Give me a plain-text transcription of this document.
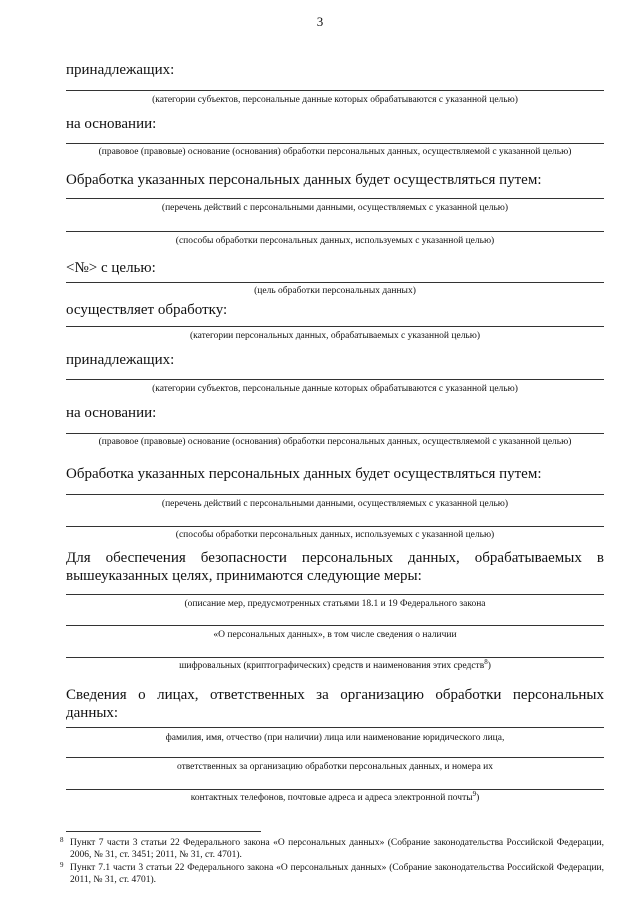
3
принадлежащих:
(категории субъектов, персональные данные которых обрабатываются с указанной целью)
на основании:
(правовое (правовые) основание (основания) обработки персональных данных, осуществляемой с указанной целью)
Обработка указанных персональных данных будет осуществляться путем:
(перечень действий с персональными данными, осуществляемых с указанной целью)
(способы обработки персональных данных, используемых с указанной целью)
<№> с целью:
(цель обработки персональных данных)
осуществляет обработку:
(категории персональных данных, обрабатываемых с указанной целью)
принадлежащих:
(категории субъектов, персональные данные которых обрабатываются с указанной целью)
на основании:
(правовое (правовые) основание (основания) обработки персональных данных, осуществляемой с указанной целью)
Обработка указанных персональных данных будет осуществляться путем:
(перечень действий с персональными данными, осуществляемых с указанной целью)
(способы обработки персональных данных, используемых с указанной целью)
Для обеспечения безопасности персональных данных, обрабатываемых в
вышеуказанных целях, принимаются следующие меры:
(описание мер, предусмотренных статьями 18.1 и 19 Федерального закона
«О персональных данных», в том числе сведения о наличии
шифровальных (криптографических) средств и наименования этих средств$^8$)
Сведения о лицах, ответственных за организацию обработки персональных
данных:
фамилия, имя, отчество (при наличии) лица или наименование юридического лица,
ответственных за организацию обработки персональных данных, и номера их
контактных телефонов, почтовые адреса и адреса электронной почты$^9$)
8 Пункт 7 части 3 статьи 22 Федерального закона «О персональных данных» (Собрание законодательства Российской Федерации, 2006, № 31, ст. 3451; 2011, № 31, ст. 4701).
9 Пункт 7.1 части 3 статьи 22 Федерального закона «О персональных данных» (Собрание законодательства Российской Федерации, 2011, № 31, ст. 4701).
